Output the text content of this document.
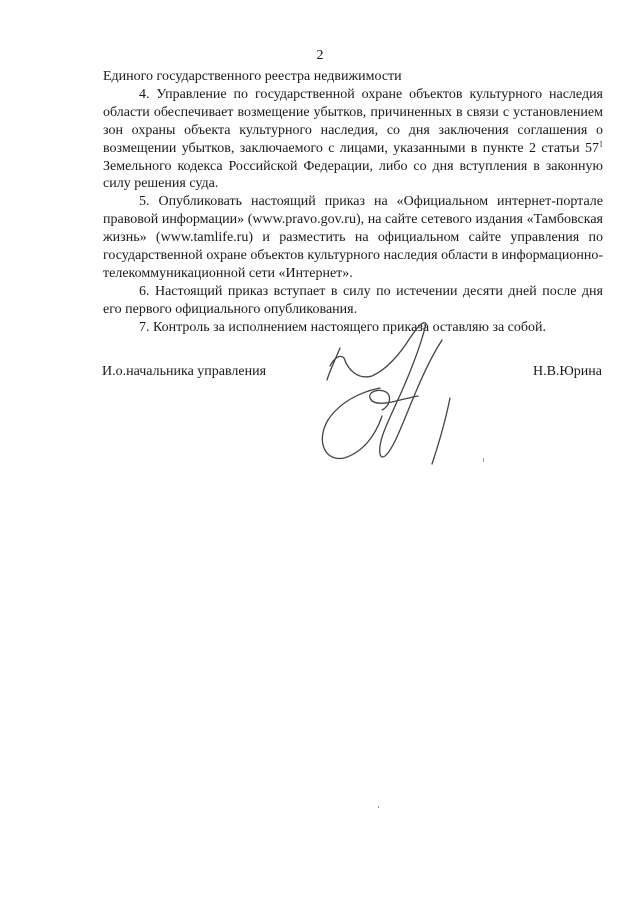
2

Единого государственного реестра недвижимости

4. Управление по государственной охране объектов культурного наследия области обеспечивает возмещение убытков, причиненных в связи с установлением зон охраны объекта культурного наследия, со дня заключения соглашения о возмещении убытков, заключаемого с лицами, указанными в пункте 2 статьи $57^1$ Земельного кодекса Российской Федерации, либо со дня вступления в законную силу решения суда.

5. Опубликовать настоящий приказ на «Официальном интернет-портале правовой информации» (www.pravo.gov.ru), на сайте сетевого издания «Тамбовская жизнь» (www.tamlife.ru) и разместить на официальном сайте управления по государственной охране объектов культурного наследия области в информационно-телекоммуникационной сети «Интернет».

6. Настоящий приказ вступает в силу по истечении десяти дней после дня его первого официального опубликования.

7. Контроль за исполнением настоящего приказа оставляю за собой.

И.о.начальника управления	Н.В.Юрина
